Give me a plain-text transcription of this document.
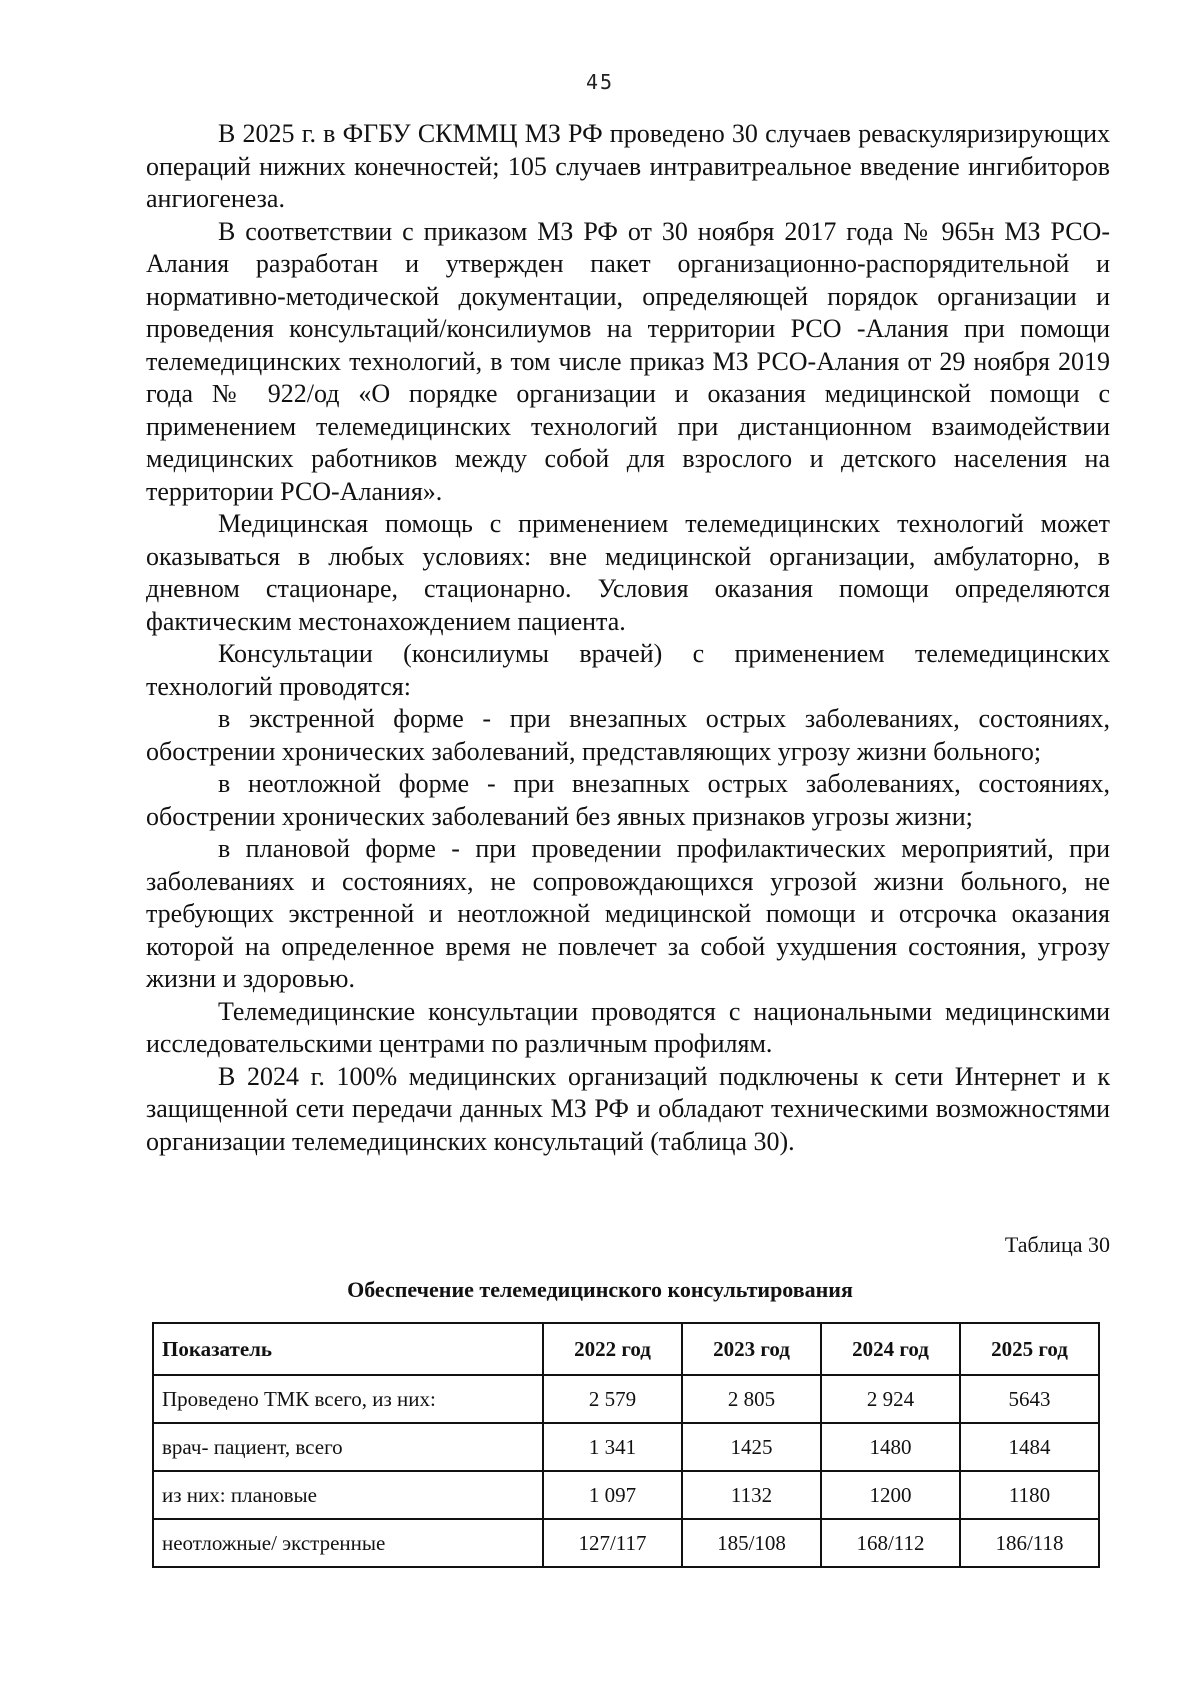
45

В 2025 г. в ФГБУ СКММЦ МЗ РФ проведено 30 случаев реваскуляризирующих операций нижних конечностей; 105 случаев интравитреальное введение ингибиторов ангиогенеза.

В соответствии с приказом МЗ РФ от 30 ноября 2017 года № 965н МЗ РСО-Алания разработан и утвержден пакет организационно-распорядительной и нормативно-методической документации, определяющей порядок организации и проведения консультаций/консилиумов на территории РСО -Алания при помощи телемедицинских технологий, в том числе приказ МЗ РСО-Алания от 29 ноября 2019 года № 922/од «О порядке организации и оказания медицинской помощи с применением телемедицинских технологий при дистанционном взаимодействии медицинских работников между собой для взрослого и детского населения на территории РСО-Алания».

Медицинская помощь с применением телемедицинских технологий может оказываться в любых условиях: вне медицинской организации, амбулаторно, в дневном стационаре, стационарно. Условия оказания помощи определяются фактическим местонахождением пациента.

Консультации (консилиумы врачей) с применением телемедицинских технологий проводятся:

в экстренной форме - при внезапных острых заболеваниях, состояниях, обострении хронических заболеваний, представляющих угрозу жизни больного;

в неотложной форме - при внезапных острых заболеваниях, состояниях, обострении хронических заболеваний без явных признаков угрозы жизни;

в плановой форме - при проведении профилактических мероприятий, при заболеваниях и состояниях, не сопровождающихся угрозой жизни больного, не требующих экстренной и неотложной медицинской помощи и отсрочка оказания которой на определенное время не повлечет за собой ухудшения состояния, угрозу жизни и здоровью.

Телемедицинские консультации проводятся с национальными медицинскими исследовательскими центрами по различным профилям.

В 2024 г. 100% медицинских организаций подключены к сети Интернет и к защищенной сети передачи данных МЗ РФ и обладают техническими возможностями организации телемедицинских консультаций (таблица 30).

Таблица 30
Обеспечение телемедицинского консультирования
Показатель	2022 год	2023 год	2024 год	2025 год
Проведено ТМК всего, из них:	2 579	2 805	2 924	5643
врач- пациент, всего	1 341	1425	1480	1484
из них: плановые	1 097	1132	1200	1180
неотложные/ экстренные	127/117	185/108	168/112	186/118
